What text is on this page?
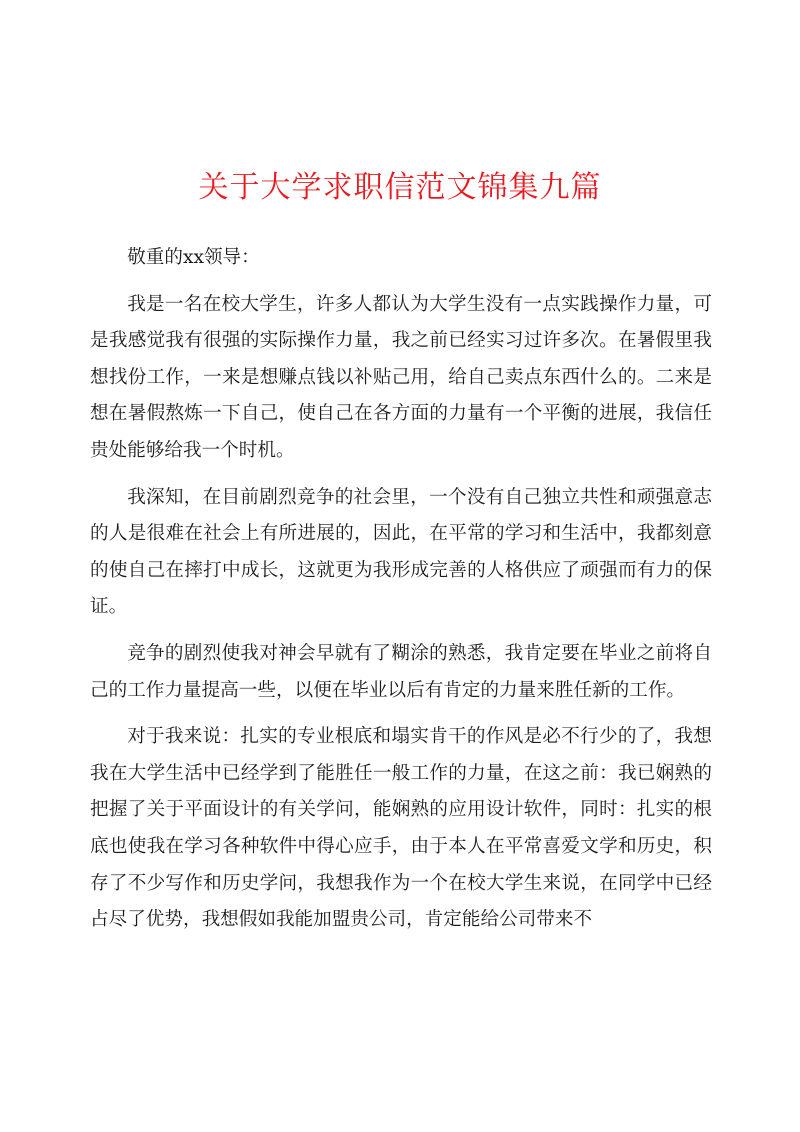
关于大学求职信范文锦集九篇

敬重的xx领导：

我是一名在校大学生，许多人都认为大学生没有一点实践操作力量，可是我感觉我有很强的实际操作力量，我之前已经实习过许多次。在暑假里我想找份工作，一来是想赚点钱以补贴己用，给自己卖点东西什么的。二来是想在暑假熬炼一下自己，使自己在各方面的力量有一个平衡的进展，我信任贵处能够给我一个时机。

我深知，在目前剧烈竞争的社会里，一个没有自己独立共性和顽强意志的人是很难在社会上有所进展的，因此，在平常的学习和生活中，我都刻意的使自己在摔打中成长，这就更为我形成完善的人格供应了顽强而有力的保证。

竞争的剧烈使我对神会早就有了糊涂的熟悉，我肯定要在毕业之前将自己的工作力量提高一些，以便在毕业以后有肯定的力量来胜任新的工作。

对于我来说：扎实的专业根底和塌实肯干的作风是必不行少的了，我想我在大学生活中已经学到了能胜任一般工作的力量，在这之前：我已娴熟的把握了关于平面设计的有关学问，能娴熟的应用设计软件，同时：扎实的根底也使我在学习各种软件中得心应手，由于本人在平常喜爱文学和历史，积存了不少写作和历史学问，我想我作为一个在校大学生来说，在同学中已经占尽了优势，我想假如我能加盟贵公司，肯定能给公司带来不
